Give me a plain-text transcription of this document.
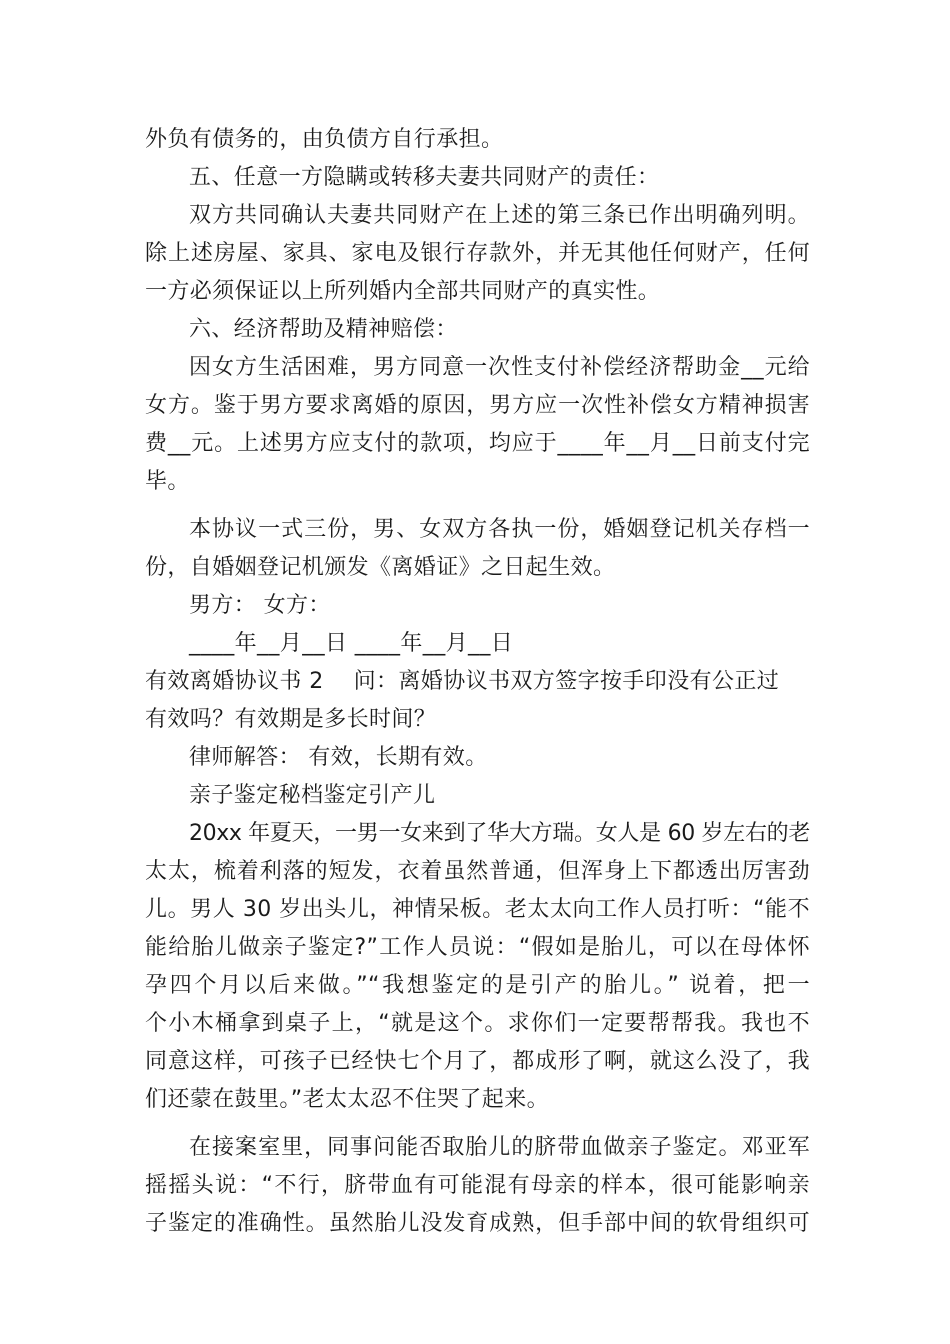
外负有债务的，由负债方自行承担。
五、任意一方隐瞒或转移夫妻共同财产的责任：
双方共同确认夫妻共同财产在上述的第三条已作出明确列明。
除上述房屋、家具、家电及银行存款外，并无其他任何财产，任何
一方必须保证以上所列婚内全部共同财产的真实性。
六、经济帮助及精神赔偿：
因女方生活困难，男方同意一次性支付补偿经济帮助金__元给
女方。鉴于男方要求离婚的原因，男方应一次性补偿女方精神损害
费__元。上述男方应支付的款项，均应于____年__月__日前支付完
毕。
本协议一式三份，男、女双方各执一份，婚姻登记机关存档一
份，自婚姻登记机颁发《离婚证》之日起生效。
男方： 女方：
____年__月__日 ____年__月__日
有效离婚协议书 2 问：离婚协议书双方签字按手印没有公正过
有效吗？有效期是多长时间？
律师解答： 有效，长期有效。
亲子鉴定秘档鉴定引产儿
20xx 年夏天，一男一女来到了华大方瑞。女人是 60 岁左右的老
太太，梳着利落的短发，衣着虽然普通，但浑身上下都透出厉害劲
儿。男人 30 岁出头儿，神情呆板。老太太向工作人员打听：“能不
能给胎儿做亲子鉴定?”工作人员说：“假如是胎儿，可以在母体怀
孕四个月以后来做。”“我想鉴定的是引产的胎儿。” 说着，把一
个小木桶拿到桌子上，“就是这个。求你们一定要帮帮我。我也不
同意这样，可孩子已经快七个月了，都成形了啊，就这么没了，我
们还蒙在鼓里。”老太太忍不住哭了起来。
在接案室里，同事问能否取胎儿的脐带血做亲子鉴定。邓亚军
摇摇头说：“不行，脐带血有可能混有母亲的样本，很可能影响亲
子鉴定的准确性。虽然胎儿没发育成熟，但手部中间的软骨组织可
